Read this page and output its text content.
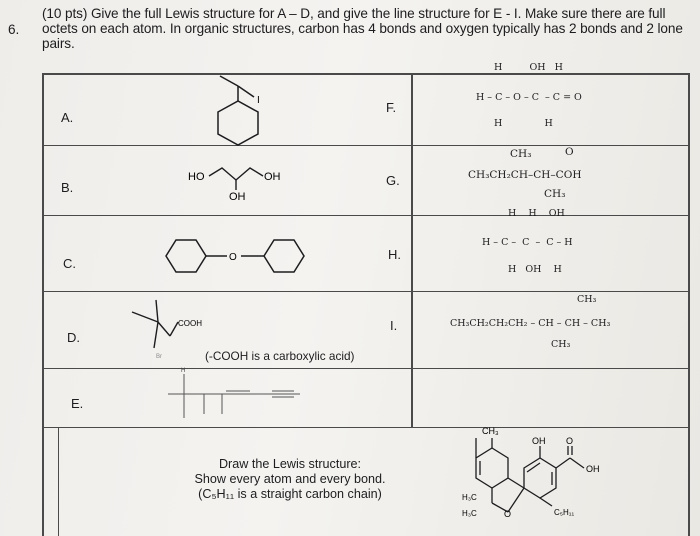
6.
(10 pts) Give the full Lewis structure for A – D, and give the line structure for E - I. Make sure there are full octets on each atom. In organic structures, carbon has 4 bonds and oxygen typically has 2 bonds and 2 lone pairs.
A.
B.
C.
D.
E.
F.
G.
H.
I.
I
HO	OH
OH
O
COOH
Br	(-COOH is a carboxylic acid)
H
H         OH   H
H – C – O – C  – C = O
H              H
CH₃	O
CH₃CH₂CH–CH–COH
CH₃
H    H    OH
H – C –  C  –  C – H
H   OH    H
CH₃
CH₃CH₂CH₂CH₂ – CH – CH – CH₃
CH₃
Draw the Lewis structure:
Show every atom and every bond.
(C₅H₁₁ is a straight carbon chain)
CH₃
OH O
OH
H₃C
H₃C	O	C₅H₁₁
